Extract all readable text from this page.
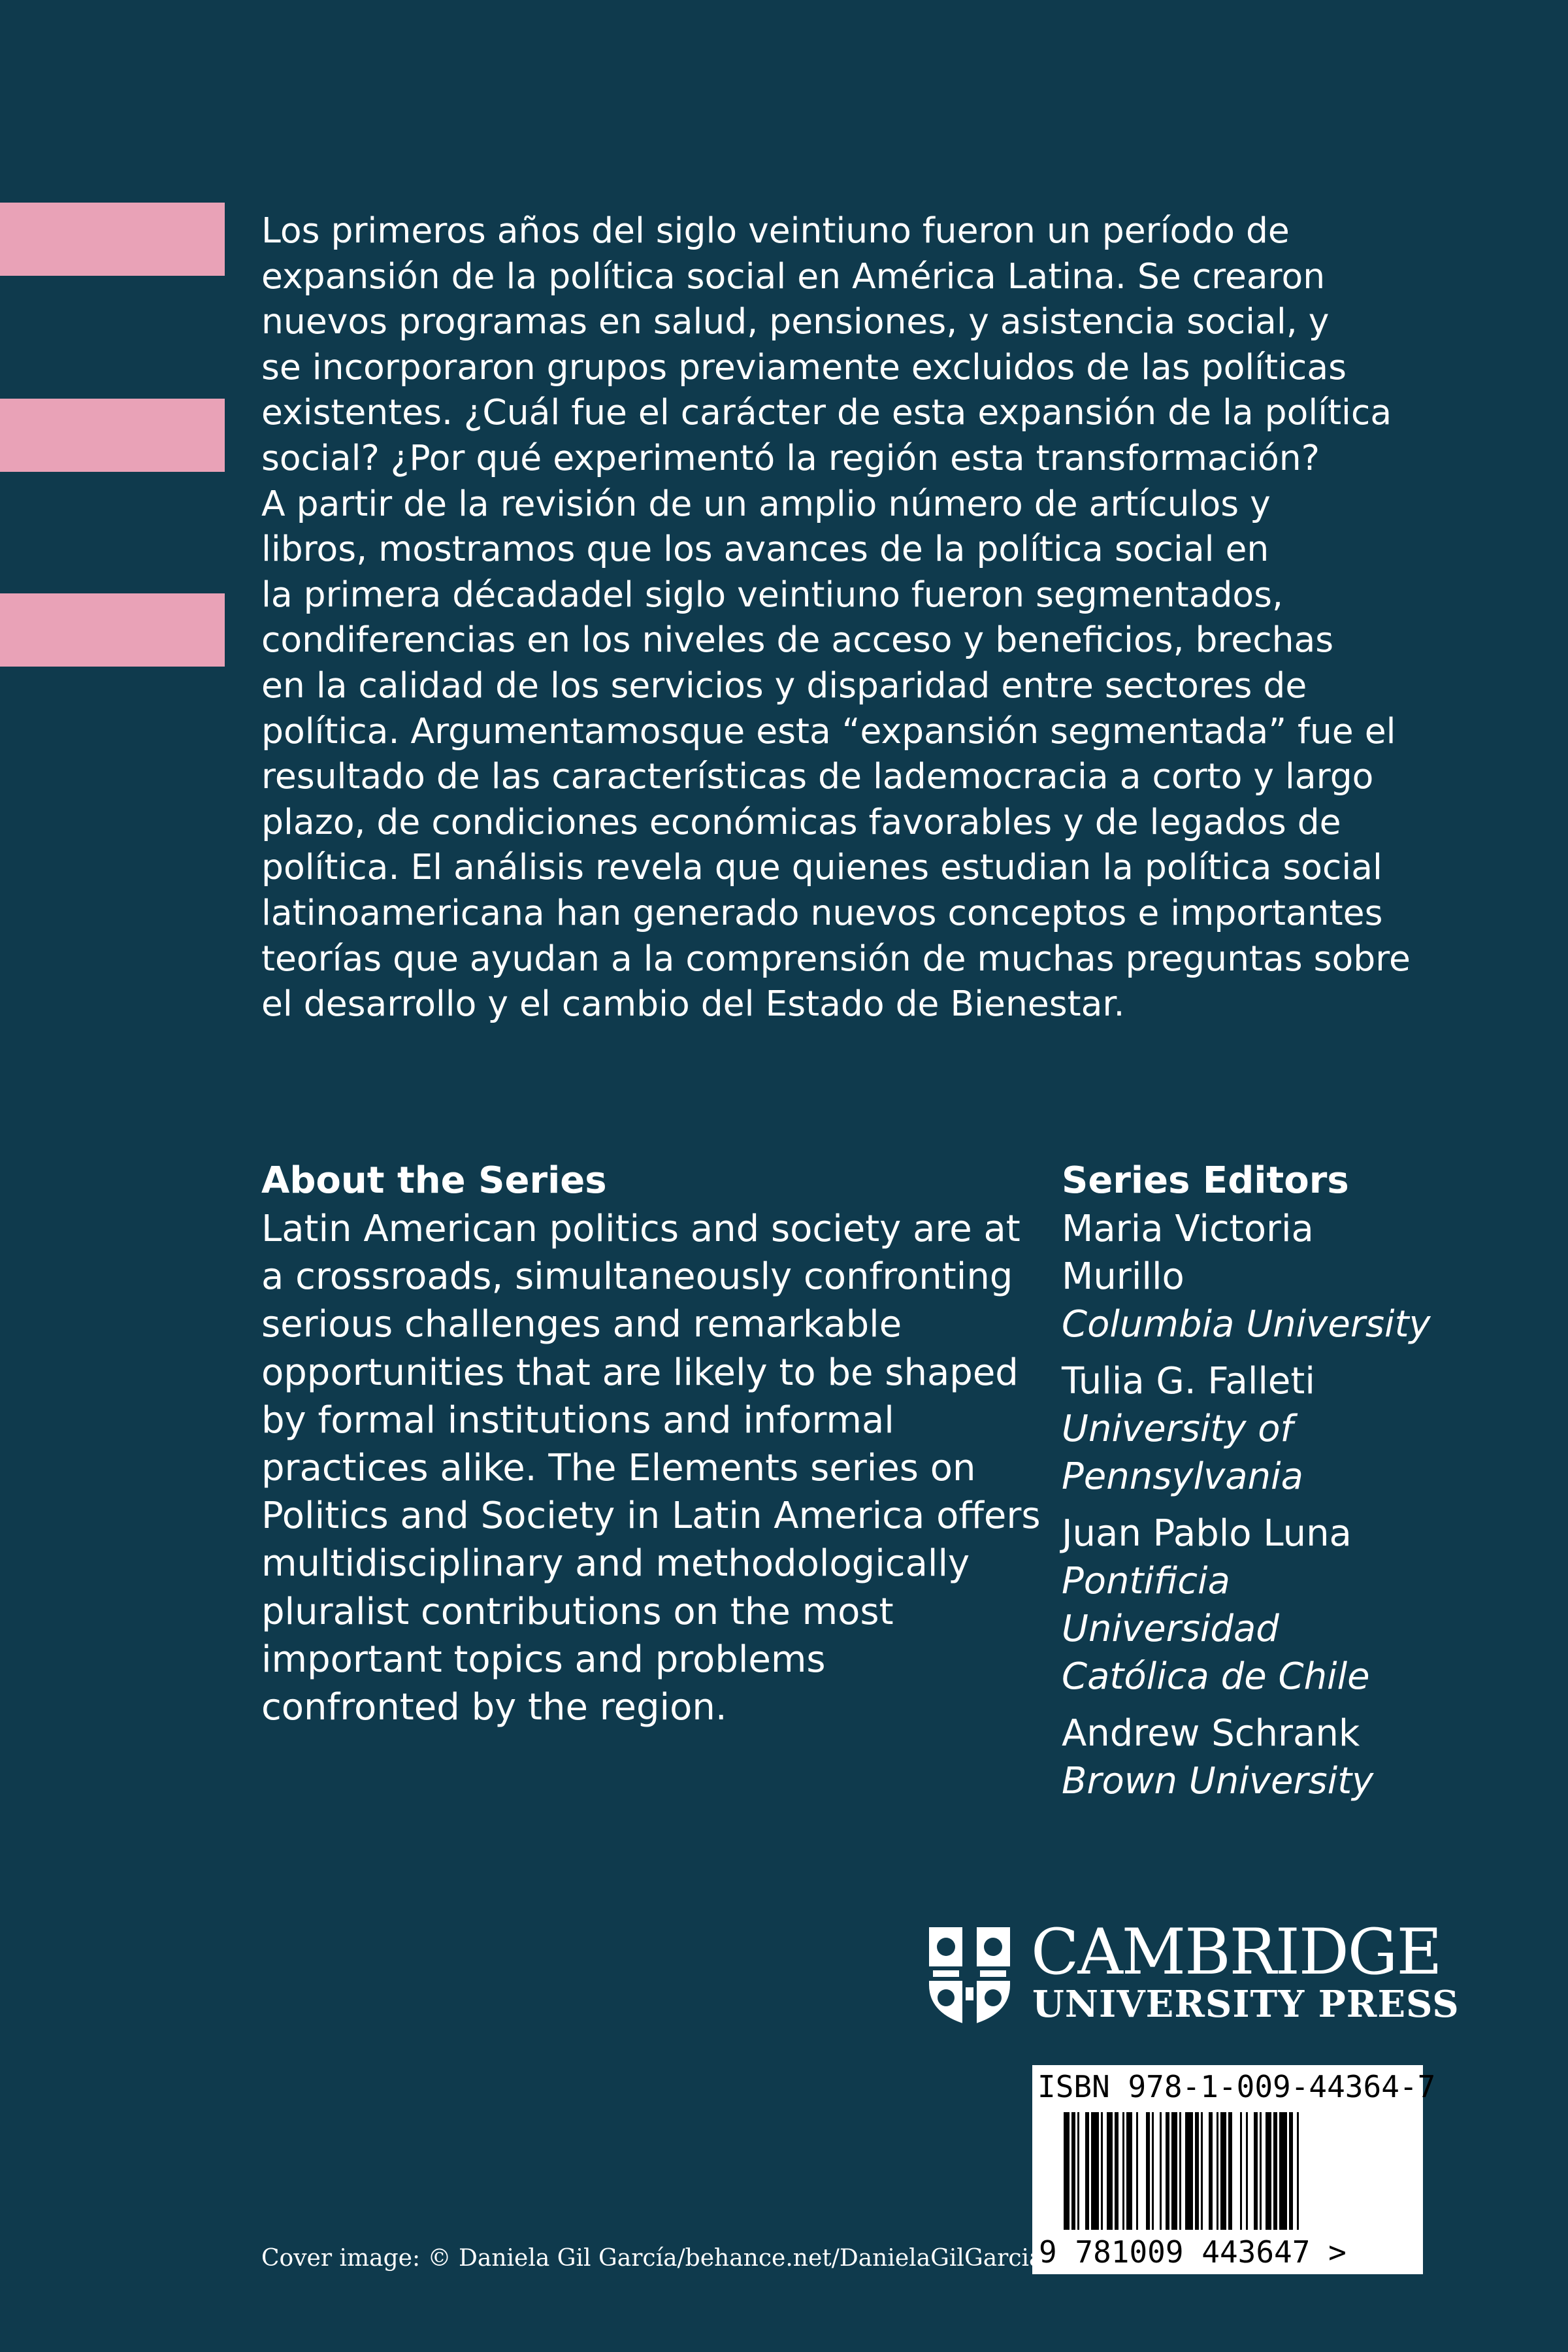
Los primeros años del siglo veintiuno fueron un período de
expansión de la política social en América Latina. Se crearon
nuevos programas en salud, pensiones, y asistencia social, y
se incorporaron grupos previamente excluidos de las políticas
existentes. ¿Cuál fue el carácter de esta expansión de la política
social? ¿Por qué experimentó la región esta transformación?
A partir de la revisión de un amplio número de artículos y
libros, mostramos que los avances de la política social en
la primera décadadel siglo veintiuno fueron segmentados,
condiferencias en los niveles de acceso y beneficios, brechas
en la calidad de los servicios y disparidad entre sectores de
política. Argumentamosque esta “expansión segmentada” fue el
resultado de las características de lademocracia a corto y largo
plazo, de condiciones económicas favorables y de legados de
política. El análisis revela que quienes estudian la política social
latinoamericana han generado nuevos conceptos e importantes
teorías que ayudan a la comprensión de muchas preguntas sobre
el desarrollo y el cambio del Estado de Bienestar.

About the Series

Latin American politics and society are at
a crossroads, simultaneously confronting
serious challenges and remarkable
opportunities that are likely to be shaped
by formal institutions and informal
practices alike. The Elements series on
Politics and Society in Latin America offers
multidisciplinary and methodologically
pluralist contributions on the most
important topics and problems
confronted by the region.

Series Editors
Maria Victoria
Murillo
Columbia University
Tulia G. Falleti
University of
Pennsylvania
Juan Pablo Luna
Pontificia
Universidad
Católica de Chile
Andrew Schrank
Brown University
CAMBRIDGE
UNIVERSITY PRESS
ISBN 978-1-009-44364-7
9 781009 443647 >
Cover image: © Daniela Gil García/behance.net/DanielaGilGarcia
